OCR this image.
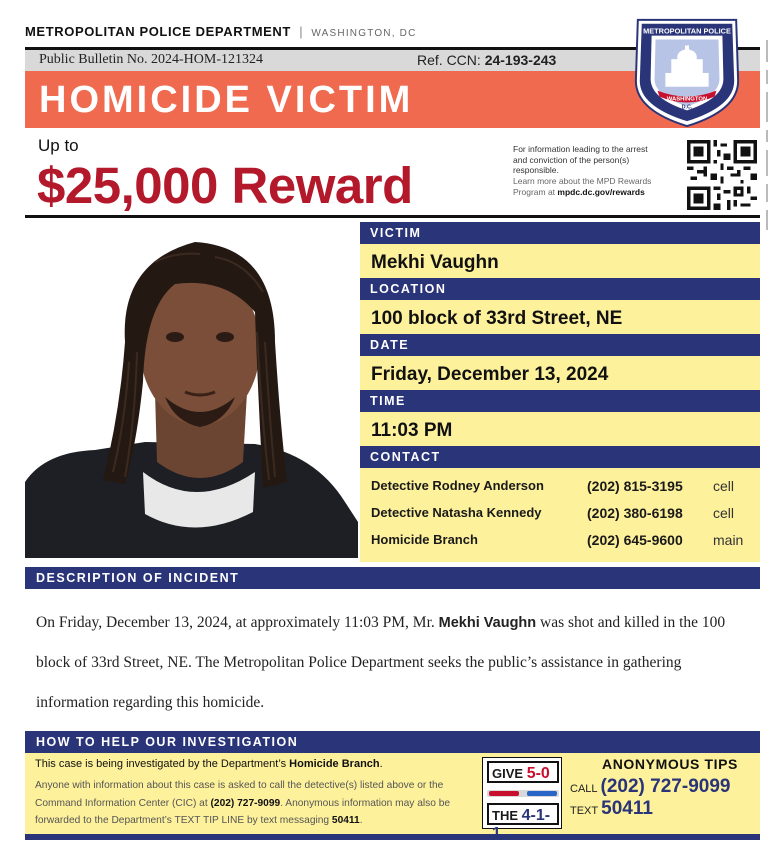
METROPOLITAN POLICE DEPARTMENT | WASHINGTON, DC
Public Bulletin No. 2024-HOM-121324	Ref. CCN: 24-193-243
HOMICIDE VICTIM
METROPOLITAN POLICE
WASHINGTON
D.C.
Up to
$25,000 Reward
For information leading to the arrest
and conviction of the person(s)
responsible.
Learn more about the MPD Rewards
Program at mpdc.dc.gov/rewards
VICTIM
Mekhi Vaughn
LOCATION
100 block of 33rd Street, NE
DATE
Friday, December 13, 2024
TIME
11:03 PM
CONTACT
Detective Rodney Anderson	(202) 815-3195	cell
Detective Natasha Kennedy	(202) 380-6198	cell
Homicide Branch	(202) 645-9600	main
DESCRIPTION OF INCIDENT
On Friday, December 13, 2024, at approximately 11:03 PM, Mr. Mekhi Vaughn was shot and killed in the 100 block of 33rd Street, NE. The Metropolitan Police Department seeks the public’s assistance in gathering information regarding this homicide.
HOW TO HELP OUR INVESTIGATION
This case is being investigated by the Department’s Homicide Branch.
Anyone with information about this case is asked to call the detective(s) listed above or the Command Information Center (CIC) at (202) 727-9099. Anonymous information may also be forwarded to the Department’s TEXT TIP LINE by text messaging 50411.
GIVE 5-0
THE 4-1-
ANONYMOUS TIPS
CALL (202) 727-9099
TEXT 50411
